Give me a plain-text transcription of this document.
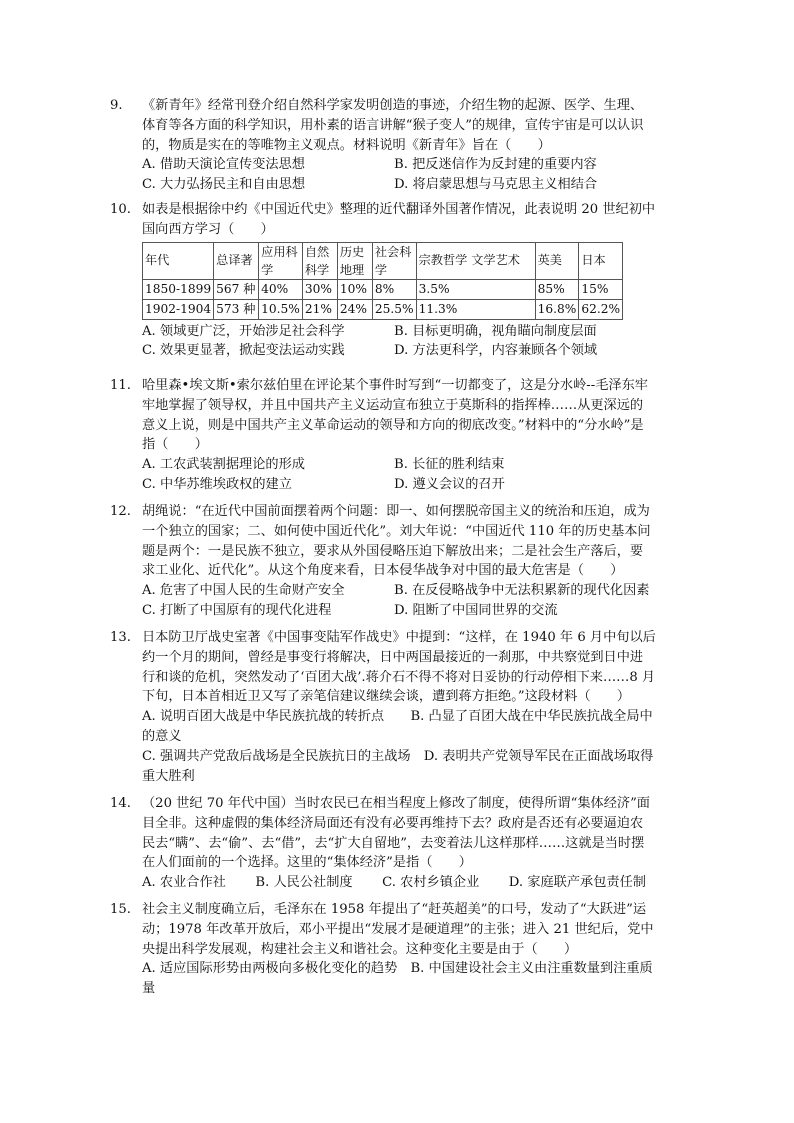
9.	《新青年》经常刊登介绍自然科学家发明创造的事迹，介绍生物的起源、医学、生理、体育等各方面的科学知识，用朴素的语言讲解“猴子变人”的规律，宣传宇宙是可以认识的，物质是实在的等唯物主义观点。材料说明《新青年》旨在（　　）
A. 借助天演论宣传变法思想	B. 把反迷信作为反封建的重要内容
C. 大力弘扬民主和自由思想	D. 将启蒙思想与马克思主义相结合
10. 如表是根据徐中约《中国近代史》整理的近代翻译外国著作情况，此表说明 20 世纪初中国向西方学习（　　）
年代	总译著	应用科学	自然科学	历史地理	社会科学	宗教哲学 文学艺术	英美	日本
1850-1899	567 种	40%	30%	10%	8%	3.5%	85%	15%
1902-1904	573 种	10.5%	21%	24%	25.5%	11.3%	16.8%	62.2%
A. 领域更广泛，开始涉足社会科学	B. 目标更明确，视角瞄向制度层面
C. 效果更显著，掀起变法运动实践	D. 方法更科学，内容兼顾各个领域
11. 哈里森•埃文斯•索尔兹伯里在评论某个事件时写到“一切都变了，这是分水岭--毛泽东牢牢地掌握了领导权，并且中国共产主义运动宣布独立于莫斯科的指挥棒……从更深远的意义上说，则是中国共产主义革命运动的领导和方向的彻底改变。”材料中的“分水岭”是指（　　）
A. 工农武装割据理论的形成	B. 长征的胜利结束
C. 中华苏维埃政权的建立	D. 遵义会议的召开
12. 胡绳说：“在近代中国前面摆着两个问题：即一、如何摆脱帝国主义的统治和压迫，成为一个独立的国家；二、如何使中国近代化”。刘大年说：“中国近代 110 年的历史基本问题是两个：一是民族不独立，要求从外国侵略压迫下解放出来；二是社会生产落后，要求工业化、近代化”。从这个角度来看，日本侵华战争对中国的最大危害是（　　）
A. 危害了中国人民的生命财产安全	B. 在反侵略战争中无法积累新的现代化因素
C. 打断了中国原有的现代化进程	D. 阻断了中国同世界的交流
13. 日本防卫厅战史室著《中国事变陆军作战史》中提到：“这样，在 1940 年 6 月中旬以后约一个月的期间，曾经是事变行将解决，日中两国最接近的一刹那，中共察觉到日中进行和谈的危机，突然发动了‘百团大战’.蒋介石不得不将对日妥协的行动停相下来……8 月下旬，日本首相近卫又写了亲笔信建议继续会谈，遭到蒋方拒绝。”这段材料（　　）
A. 说明百团大战是中华民族抗战的转折点　　 B. 凸显了百团大战在中华民族抗战全局中的意义
C. 强调共产党敌后战场是全民族抗日的主战场　 D. 表明共产党领导军民在正面战场取得重大胜利
14. （20 世纪 70 年代中国）当时农民已在相当程度上修改了制度，使得所谓“集体经济”面目全非。这种虚假的集体经济局面还有没有必要再维持下去？政府是否还有必要逼迫农民去“瞒”、去“偷”、去“借”，去“扩大自留地”，去变着法儿这样那样……这就是当时摆在人们面前的一个选择。这里的“集体经济”是指（　　）
A. 农业合作社 B. 人民公社制度 C. 农村乡镇企业 D. 家庭联产承包责任制
15. 社会主义制度确立后，毛泽东在 1958 年提出了“赶英超美”的口号，发动了“大跃进”运动；1978 年改革开放后，邓小平提出“发展才是硬道理”的主张；进入 21 世纪后，党中央提出科学发展观，构建社会主义和谐社会。这种变化主要是由于（　　）
A. 适应国际形势由两极向多极化变化的趋势　 B. 中国建设社会主义由注重数量到注重质量
